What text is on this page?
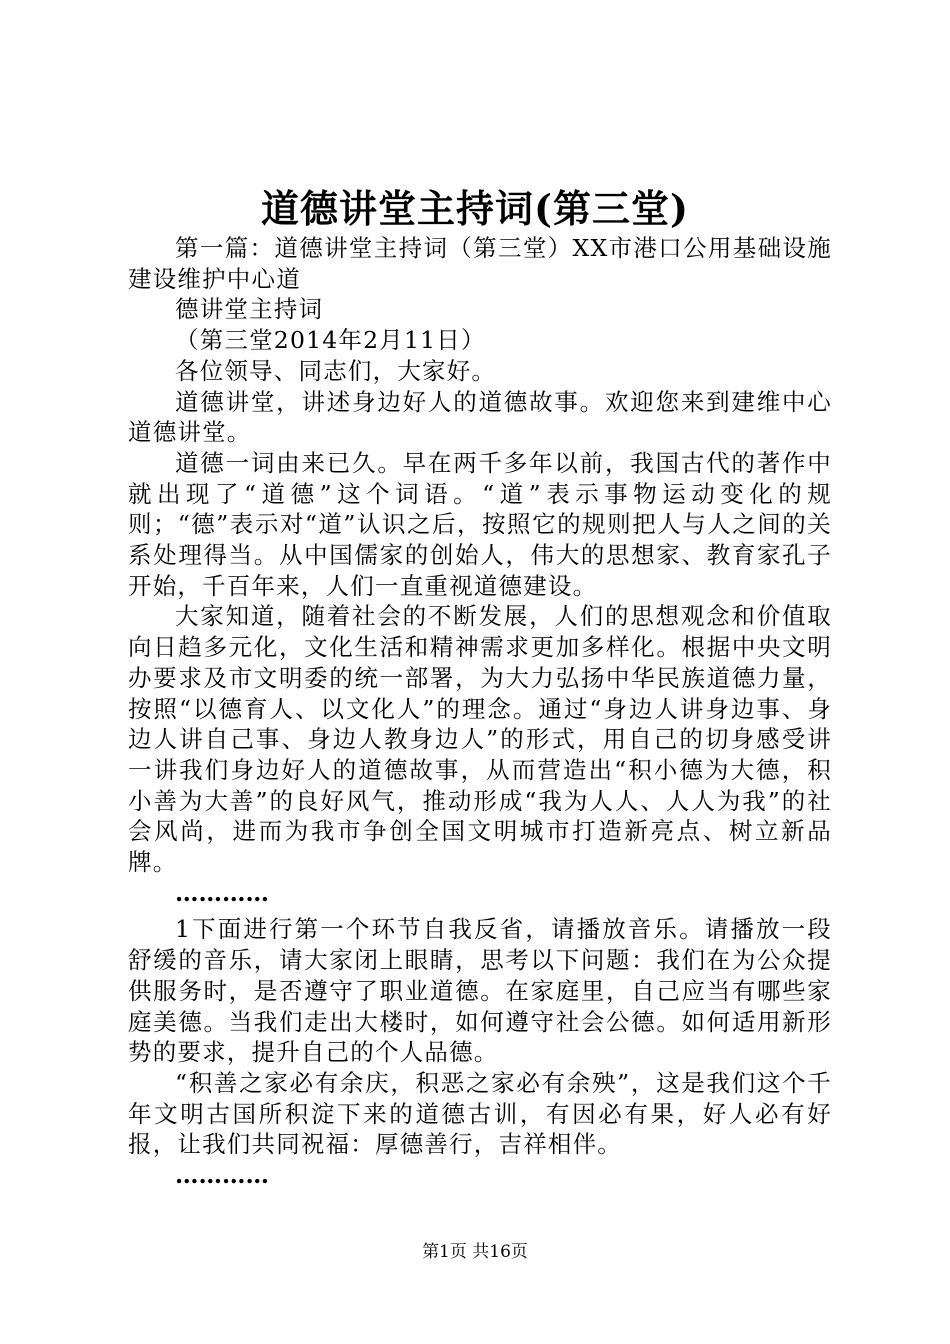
道德讲堂主持词(第三堂)

第一篇：道德讲堂主持词（第三堂）XX市港口公用基础设施建设维护中心道

德讲堂主持词

（第三堂2014年2月11日）

各位领导、同志们，大家好。

道德讲堂，讲述身边好人的道德故事。欢迎您来到建维中心道德讲堂。

道德一词由来已久。早在两千多年以前，我国古代的著作中就出现了“道德”这个词语。“道”表示事物运动变化的规则；“德”表示对“道”认识之后，按照它的规则把人与人之间的关系处理得当。从中国儒家的创始人，伟大的思想家、教育家孔子开始，千百年来，人们一直重视道德建设。

大家知道，随着社会的不断发展，人们的思想观念和价值取向日趋多元化，文化生活和精神需求更加多样化。根据中央文明办要求及市文明委的统一部署，为大力弘扬中华民族道德力量，按照“以德育人、以文化人”的理念。通过“身边人讲身边事、身边人讲自己事、身边人教身边人”的形式，用自己的切身感受讲一讲我们身边好人的道德故事，从而营造出“积小德为大德，积小善为大善”的良好风气，推动形成“我为人人、人人为我”的社会风尚，进而为我市争创全国文明城市打造新亮点、树立新品牌。

…………

1下面进行第一个环节自我反省，请播放音乐。请播放一段舒缓的音乐，请大家闭上眼睛，思考以下问题：我们在为公众提供服务时，是否遵守了职业道德。在家庭里，自己应当有哪些家庭美德。当我们走出大楼时，如何遵守社会公德。如何适用新形势的要求，提升自己的个人品德。

“积善之家必有余庆，积恶之家必有余殃”，这是我们这个千年文明古国所积淀下来的道德古训，有因必有果，好人必有好报，让我们共同祝福：厚德善行，吉祥相伴。

…………

第1页 共16页
